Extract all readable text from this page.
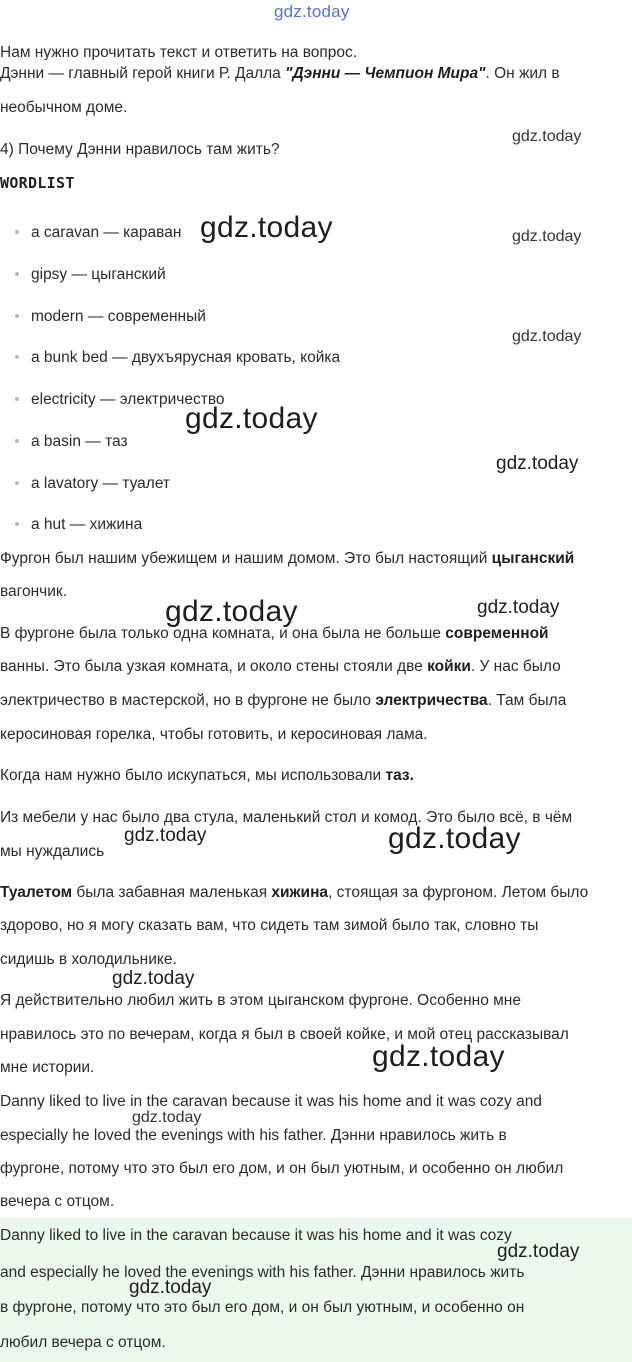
gdz.today
Нам нужно прочитать текст и ответить на вопрос.
Дэнни — главный герой книги Р. Далла "Дэнни — Чемпион Мира". Он жил в
необычном доме.
4) Почему Дэнни нравилось там жить?
WORDLIST
a caravan — караван
gipsy — цыганский
modern — современный
a bunk bed — двухъярусная кровать, койка
electricity — электричество
a basin — таз
a lavatory — туалет
a hut — хижина
Фургон был нашим убежищем и нашим домом. Это был настоящий цыганский
вагончик.
В фургоне была только одна комната, и она была не больше современной
ванны. Это была узкая комната, и около стены стояли две койки. У нас было
электричество в мастерской, но в фургоне не было электричества. Там была
керосиновая горелка, чтобы готовить, и керосиновая лама.
Когда нам нужно было искупаться, мы использовали таз.
Из мебели у нас было два стула, маленький стол и комод. Это было всё, в чём
мы нуждались
Туалетом была забавная маленькая хижина, стоящая за фургоном. Летом было
здорово, но я могу сказать вам, что сидеть там зимой было так, словно ты
сидишь в холодильнике.
Я действительно любил жить в этом цыганском фургоне. Особенно мне
нравилось это по вечерам, когда я был в своей койке, и мой отец рассказывал
мне истории.
Danny liked to live in the caravan because it was his home and it was cozy and
especially he loved the evenings with his father. Дэнни нравилось жить в
фургоне, потому что это был его дом, и он был уютным, и особенно он любил
вечера с отцом.
Danny liked to live in the caravan because it was his home and it was cozy
and especially he loved the evenings with his father. Дэнни нравилось жить
в фургоне, потому что это был его дом, и он был уютным, и особенно он
любил вечера с отцом.
gdz.today
gdz.today	gdz.today
gdz.today
gdz.today
gdz.today
gdz.today	gdz.today
gdz.today	gdz.today
gdz.today
gdz.today
gdz.today
gdz.today
gdz.today
